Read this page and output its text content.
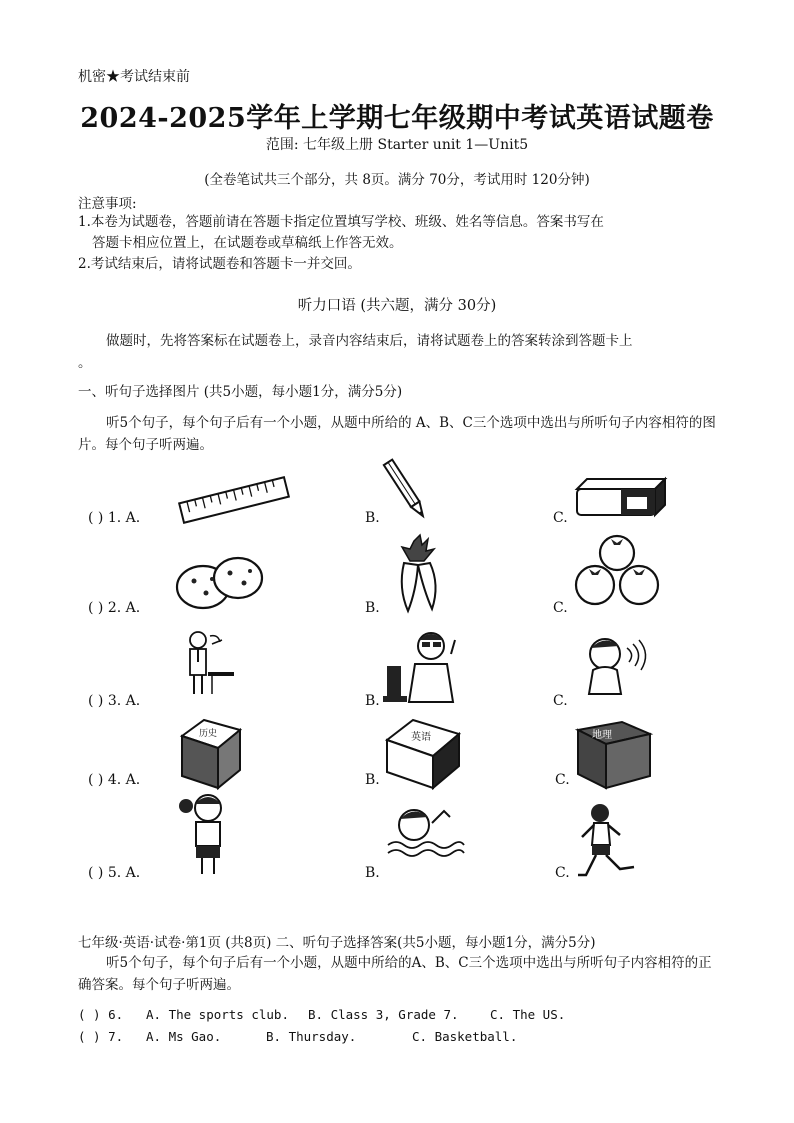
机密★考试结束前
2024-2025学年上学期七年级期中考试英语试题卷
范围: 七年级上册 Starter unit 1—Unit5
(全卷笔试共三个部分，共 8页。满分 70分，考试用时 120分钟)
注意事项:
1.本卷为试题卷，答题前请在答题卡指定位置填写学校、班级、姓名等信息。答案书写在
答题卡相应位置上，在试题卷或草稿纸上作答无效。
2.考试结束后，请将试题卷和答题卡一并交回。
听力口语 (共六题，满分 30分)
做题时，先将答案标在试题卷上，录音内容结束后，请将试题卷上的答案转涂到答题卡上
。
一、听句子选择图片 (共5小题，每小题1分，满分5分)
听5个句子，每个句子后有一个小题，从题中所给的 A、B、C三个选项中选出与所听句子内容相符的图片。每个句子听两遍。
( ) 1. A.	B.	C.
( ) 2. A.	B.	C.
( ) 3. A.	B.	C.
( ) 4. A.
历史
B.
英语
C.
地理
( ) 5. A.	B.	C.
七年级·英语·试卷·第1页 (共8页) 二、听句子选择答案(共5小题，每小题1分，满分5分)
听5个句子，每个句子后有一个小题，从题中所给的A、B、C三个选项中选出与所听句子内容相符的正确答案。每个句子听两遍。
( ) 6. A. The sports club. B. Class 3, Grade 7.	C. The US.
( ) 7. A. Ms Gao.	B. Thursday.	C. Basketball.
